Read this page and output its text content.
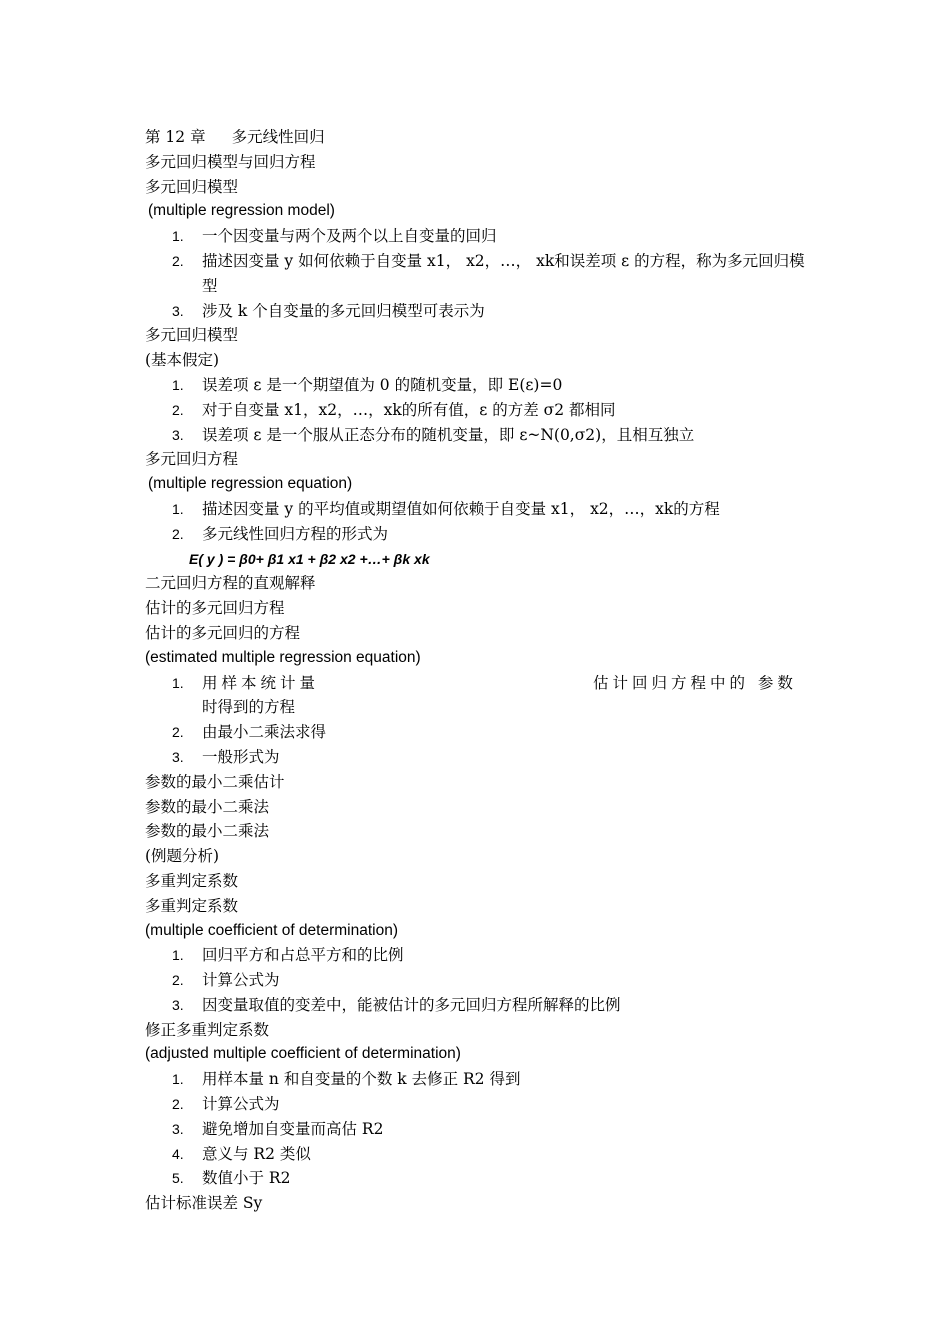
第 12 章 多元线性回归
多元回归模型与回归方程
多元回归模型
(multiple regression model)
1. 一个因变量与两个及两个以上自变量的回归
2. 描述因变量 y 如何依赖于自变量 x1， x2，…， xk和误差项 ε 的方程，称为多元回归模型
3. 涉及 k 个自变量的多元回归模型可表示为
多元回归模型
(基本假定)
1. 误差项 ε 是一个期望值为 0 的随机变量，即 E(ε)=0
2. 对于自变量 x1，x2，…，xk的所有值，ε 的方差 σ2 都相同
3. 误差项 ε 是一个服从正态分布的随机变量，即 ε~N(0,σ2)，且相互独立
多元回归方程
(multiple regression equation)
1. 描述因变量 y 的平均值或期望值如何依赖于自变量 x1， x2，…，xk的方程
2. 多元线性回归方程的形式为
E( y ) = β0+ β1 x1 + β2 x2 +…+ βk xk
二元回归方程的直观解释
估计的多元回归方程
估计的多元回归的方程
(estimated multiple regression equation)
1. 用样本统计量	估计回归方程中的 参数

时得到的方程
2. 由最小二乘法求得
3. 一般形式为
参数的最小二乘估计
参数的最小二乘法
参数的最小二乘法
(例题分析)
多重判定系数
多重判定系数
(multiple coefficient of determination)
1. 回归平方和占总平方和的比例
2. 计算公式为
3. 因变量取值的变差中，能被估计的多元回归方程所解释的比例
修正多重判定系数
(adjusted multiple coefficient of determination)
1. 用样本量 n 和自变量的个数 k 去修正 R2 得到
2. 计算公式为
3. 避免增加自变量而高估 R2
4. 意义与 R2 类似
5. 数值小于 R2
估计标准误差 Sy
